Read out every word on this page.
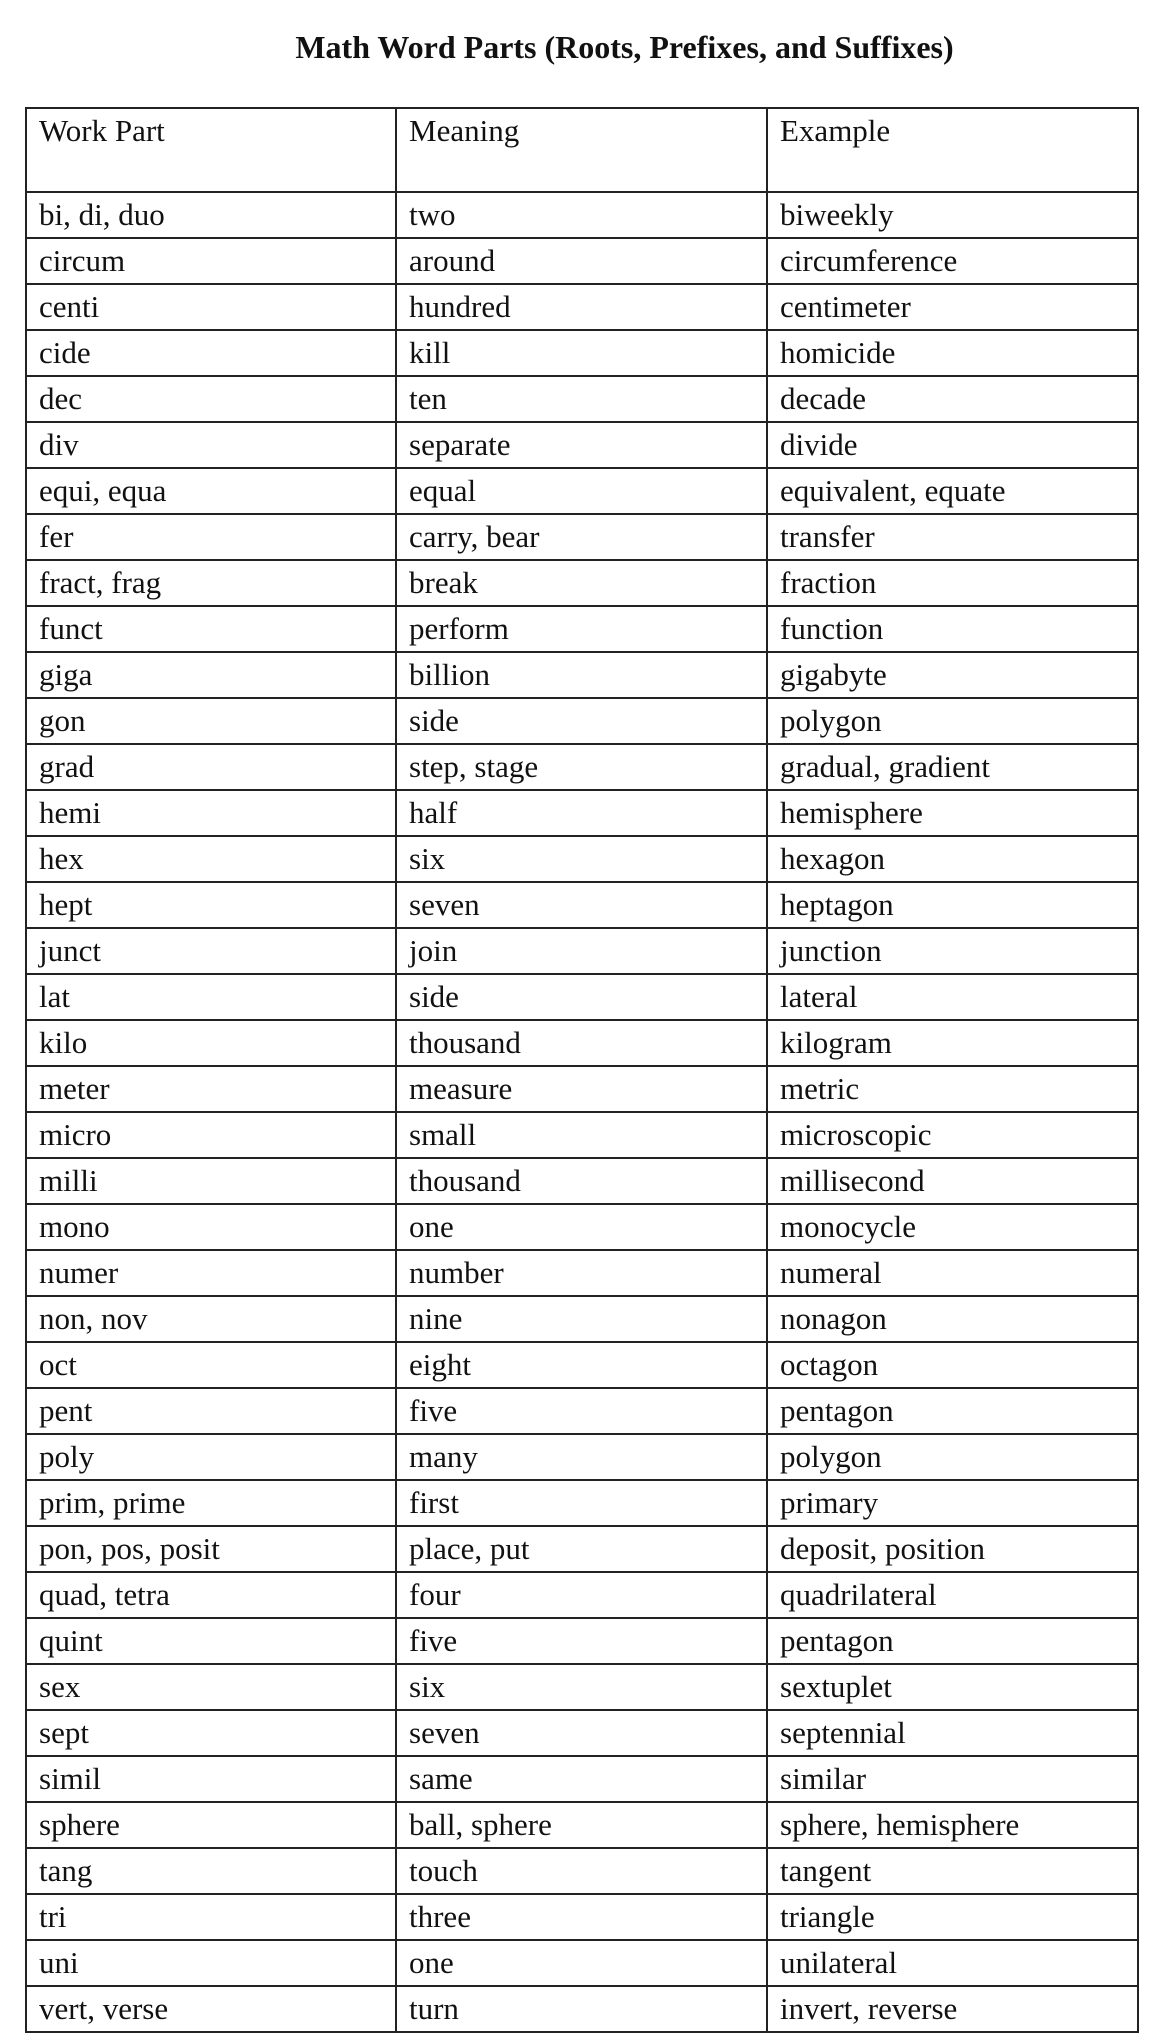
Math Word Parts (Roots, Prefixes, and Suffixes)
Work Part	Meaning	Example
bi, di, duo	two	biweekly
circum	around	circumference
centi	hundred	centimeter
cide	kill	homicide
dec	ten	decade
div	separate	divide
equi, equa	equal	equivalent, equate
fer	carry, bear	transfer
fract, frag	break	fraction
funct	perform	function
giga	billion	gigabyte
gon	side	polygon
grad	step, stage	gradual, gradient
hemi	half	hemisphere
hex	six	hexagon
hept	seven	heptagon
junct	join	junction
lat	side	lateral
kilo	thousand	kilogram
meter	measure	metric
micro	small	microscopic
milli	thousand	millisecond
mono	one	monocycle
numer	number	numeral
non, nov	nine	nonagon
oct	eight	octagon
pent	five	pentagon
poly	many	polygon
prim, prime	first	primary
pon, pos, posit	place, put	deposit, position
quad, tetra	four	quadrilateral
quint	five	pentagon
sex	six	sextuplet
sept	seven	septennial
simil	same	similar
sphere	ball, sphere	sphere, hemisphere
tang	touch	tangent
tri	three	triangle
uni	one	unilateral
vert, verse	turn	invert, reverse
